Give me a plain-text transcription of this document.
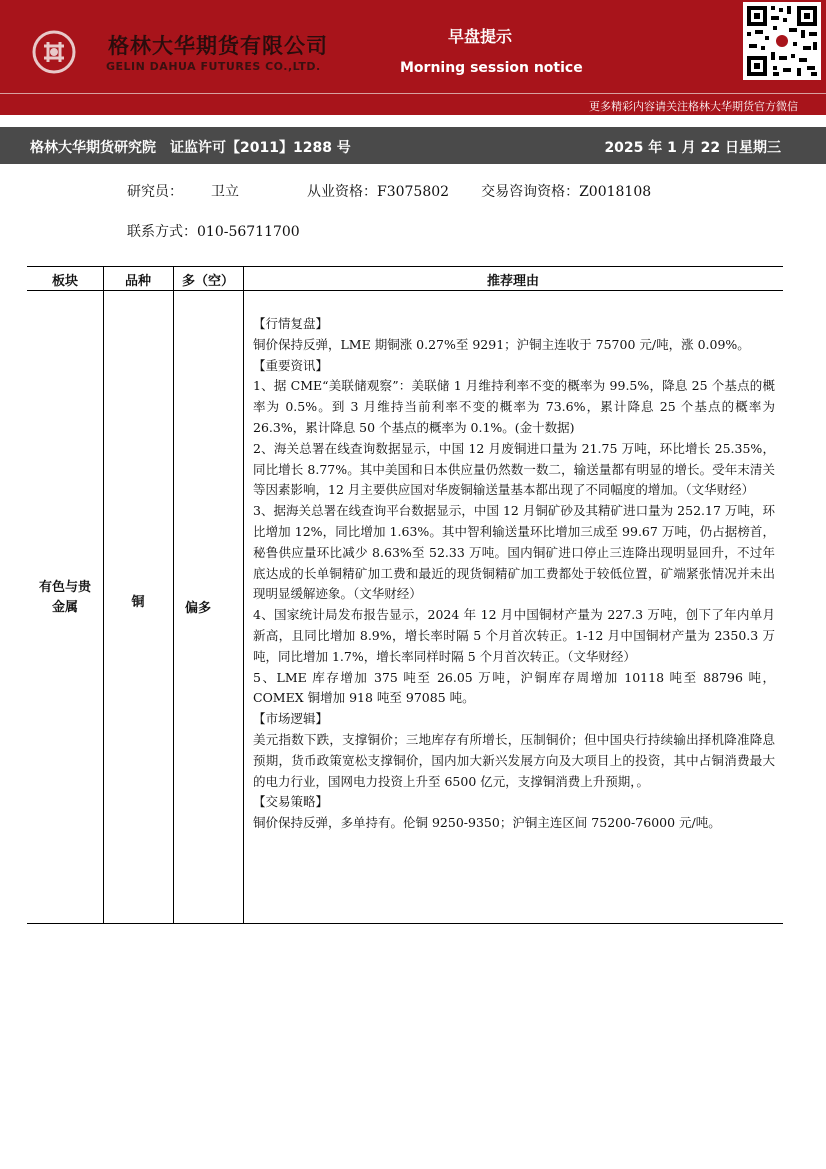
格林大华期货有限公司
GELIN DAHUA FUTURES CO.,LTD.
早盘提示
Morning session notice
更多精彩内容请关注格林大华期货官方微信
格林大华期货研究院　证监许可【2011】1288 号	2025 年 1 月 22 日星期三
研究员： 卫立	从业资格：F3075802 交易咨询资格：Z0018108
联系方式：010-56711700
板块	品种	多（空）	推荐理由
有色与贵金属	铜	偏多

【行情复盘】

铜价保持反弹，LME 期铜涨 0.27%至 9291；沪铜主连收于 75700 元/吨，涨 0.09%。

【重要资讯】

1、据 CME“美联储观察”：美联储 1 月维持利率不变的概率为 99.5%，降息 25 个基点的概率为 0.5%。到 3 月维持当前利率不变的概率为 73.6%，累计降息 25 个基点的概率为 26.3%，累计降息 50 个基点的概率为 0.1%。(金十数据)

2、海关总署在线查询数据显示，中国 12 月废铜进口量为 21.75 万吨，环比增长 25.35%，同比增长 8.77%。其中美国和日本供应量仍然数一数二，输送量都有明显的增长。受年末清关等因素影响，12 月主要供应国对华废铜输送量基本都出现了不同幅度的增加。（文华财经）

3、据海关总署在线查询平台数据显示，中国 12 月铜矿砂及其精矿进口量为 252.17 万吨，环比增加 12%，同比增加 1.63%。其中智利输送量环比增加三成至 99.67 万吨，仍占据榜首，秘鲁供应量环比减少 8.63%至 52.33 万吨。国内铜矿进口停止三连降出现明显回升，不过年底达成的长单铜精矿加工费和最近的现货铜精矿加工费都处于较低位置，矿端紧张情况并未出现明显缓解迹象。（文华财经）

4、国家统计局发布报告显示，2024 年 12 月中国铜材产量为 227.3 万吨，创下了年内单月新高，且同比增加 8.9%，增长率时隔 5 个月首次转正。1-12 月中国铜材产量为 2350.3 万吨，同比增加 1.7%，增长率同样时隔 5 个月首次转正。（文华财经）

5、LME 库存增加 375 吨至 26.05 万吨，沪铜库存周增加 10118 吨至 88796 吨，COMEX 铜增加 918 吨至 97085 吨。

【市场逻辑】

美元指数下跌，支撑铜价；三地库存有所增长，压制铜价；但中国央行持续输出择机降准降息预期，货币政策宽松支撑铜价，国内加大新兴发展方向及大项目上的投资，其中占铜消费最大的电力行业，国网电力投资上升至 6500 亿元，支撑铜消费上升预期，。

【交易策略】

铜价保持反弹，多单持有。伦铜 9250-9350；沪铜主连区间 75200-76000 元/吨。
